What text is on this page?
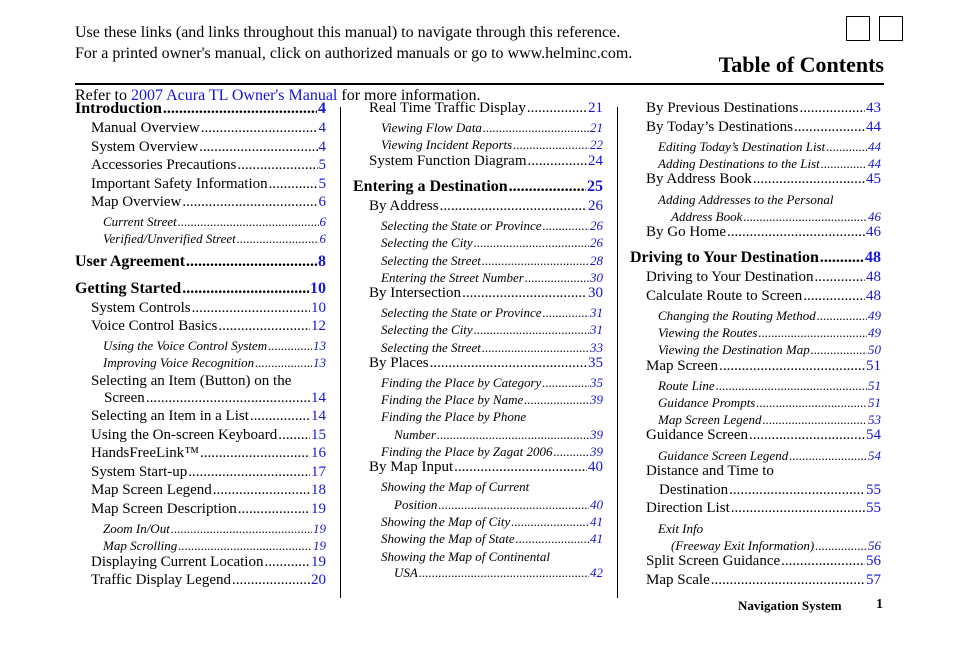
Use these links (and links throughout this manual) to navigate through this reference.
For a printed owner's manual, click on authorized manuals or go to www.helminc.com.	Table of Contents
Refer to 2007 Acura TL Owner's Manual for more information.
Introduction .....	4
Manual Overview .....	4
System Overview .....	4
Accessories Precautions .....	5
Important Safety Information .....	5
Map Overview .....	6
Current Street .....	6
Verified/Unverified Street .....	6
User Agreement .....	8
Getting Started .....	10
System Controls .....	10
Voice Control Basics .....	12
Using the Voice Control System .....	13
Improving Voice Recognition .....	13
Selecting an Item (Button) on the
Screen .....	14
Selecting an Item in a List .....	14
Using the On-screen Keyboard ..... 15
HandsFreeLink™ .....	16
System Start-up .....	17
Map Screen Legend .....	18
Map Screen Description .....	19
Zoom In/Out .....	19
Map Scrolling .....	19
Displaying Current Location .....	19
Traffic Display Legend .....	20
Real Time Traffic Display .....	21
Viewing Flow Data .....	21
Viewing Incident Reports .....	22
System Function Diagram .....	24
Entering a Destination .....	25
By Address .....	26
Selecting the State or Province .....	26
Selecting the City .....	26
Selecting the Street .....	28
Entering the Street Number .....	30
By Intersection .....	30
Selecting the State or Province .....	31
Selecting the City .....	31
Selecting the Street .....	33
By Places .....	35
Finding the Place by Category .....	35
Finding the Place by Name .....	39
Finding the Place by Phone
Number .....	39
Finding the Place by Zagat 2006 .....	39
By Map Input .....	40
Showing the Map of Current
Position .....	40
Showing the Map of City .....	41
Showing the Map of State .....	41
Showing the Map of Continental
USA .....	42
By Previous Destinations .....	43
By Today’s Destinations .....	44
Editing Today’s Destination List .....	44
Adding Destinations to the List .....	44
By Address Book .....	45
Adding Addresses to the Personal
Address Book .....	46
By Go Home .....	46
Driving to Your Destination .....	48
Driving to Your Destination .....	48
Calculate Route to Screen .....	48
Changing the Routing Method .....	49
Viewing the Routes .....	49
Viewing the Destination Map .....	50
Map Screen .....	51
Route Line .....	51
Guidance Prompts .....	51
Map Screen Legend .....	53
Guidance Screen .....	54
Guidance Screen Legend .....	54
Distance and Time to
Destination .....	55
Direction List .....	55
Exit Info
(Freeway Exit Information) .....	56
Split Screen Guidance .....	56
Map Scale .....	57
Navigation System 1
